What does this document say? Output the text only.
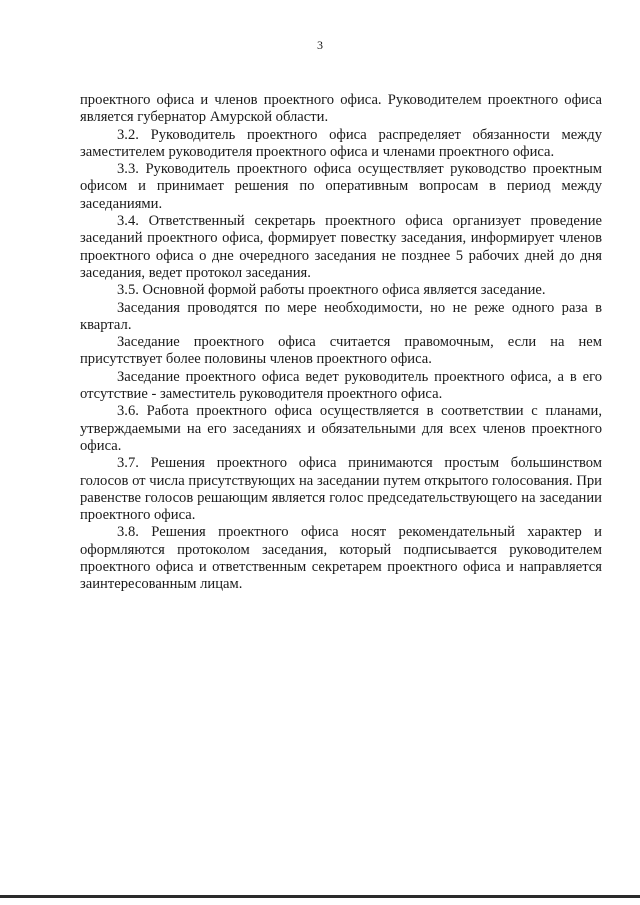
3

проектного офиса и членов проектного офиса. Руководителем проектного офиса является губернатор Амурской области.

3.2. Руководитель проектного офиса распределяет обязанности между заместителем руководителя проектного офиса и членами проектного офиса.

3.3. Руководитель проектного офиса осуществляет руководство проектным офисом и принимает решения по оперативным вопросам в период между заседаниями.

3.4. Ответственный секретарь проектного офиса организует проведение заседаний проектного офиса, формирует повестку заседания, информирует членов проектного офиса о дне очередного заседания не позднее 5 рабочих дней до дня заседания, ведет протокол заседания.

3.5. Основной формой работы проектного офиса является заседание.

Заседания проводятся по мере необходимости, но не реже одного раза в квартал.

Заседание проектного офиса считается правомочным, если на нем присутствует более половины членов проектного офиса.

Заседание проектного офиса ведет руководитель проектного офиса, а в его отсутствие - заместитель руководителя проектного офиса.

3.6. Работа проектного офиса осуществляется в соответствии с планами, утверждаемыми на его заседаниях и обязательными для всех членов проектного офиса.

3.7. Решения проектного офиса принимаются простым большинством голосов от числа присутствующих на заседании путем открытого голосования. При равенстве голосов решающим является голос председательствующего на заседании проектного офиса.

3.8. Решения проектного офиса носят рекомендательный характер и оформляются протоколом заседания, который подписывается руководителем проектного офиса и ответственным секретарем проектного офиса и направляется заинтересованным лицам.
